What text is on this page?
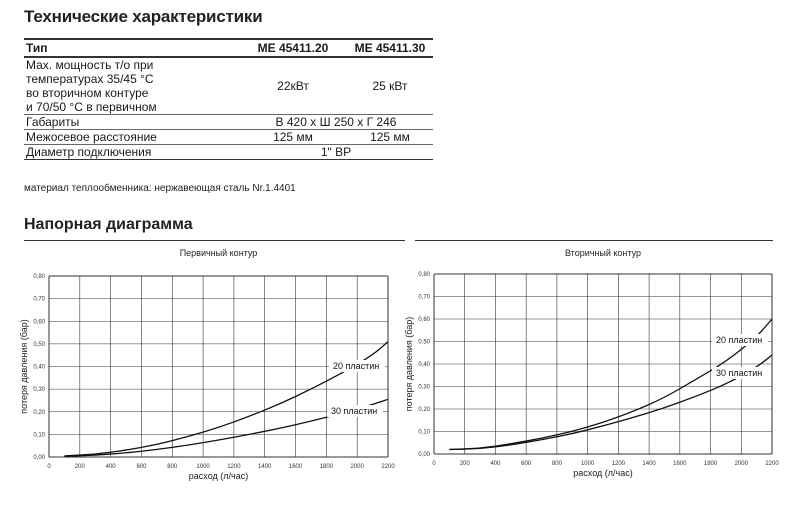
Технические характеристики
Тип	МЕ 45411.20	МЕ 45411.30

Мах. мощность т/о при
температурах 35/45 °С
во вторичном контуре
и 70/50 °С в первичном	22кВт	25 кВт
Габариты	В 420 х Ш 250 х Г 246	
Межосевое расстояние	125 мм	125 мм
Диаметр подключения	1" ВР	
материал теплообменника: нержавеющая сталь Nr.1.4401
Напорная диаграмма
Первичный контур
0	200	400	600	800	1000	1200	1400	1600	1800	2000	2200
0,00
0,10
0,20
0,30
0,40
0,50
0,60
0,70
0,80
расход (л/час)
потеря давления (бар)	20 пластин
30 пластин
Вторичный контур
0	200	400	600	800	1000	1200	1400	1600	1800	2000	2200
0,00
0,10
0,20
0,30
0,40
0,50
0,60
0,70
0,80
расход (л/час)
потеря давления (бар)	20 пластин
30 пластин
